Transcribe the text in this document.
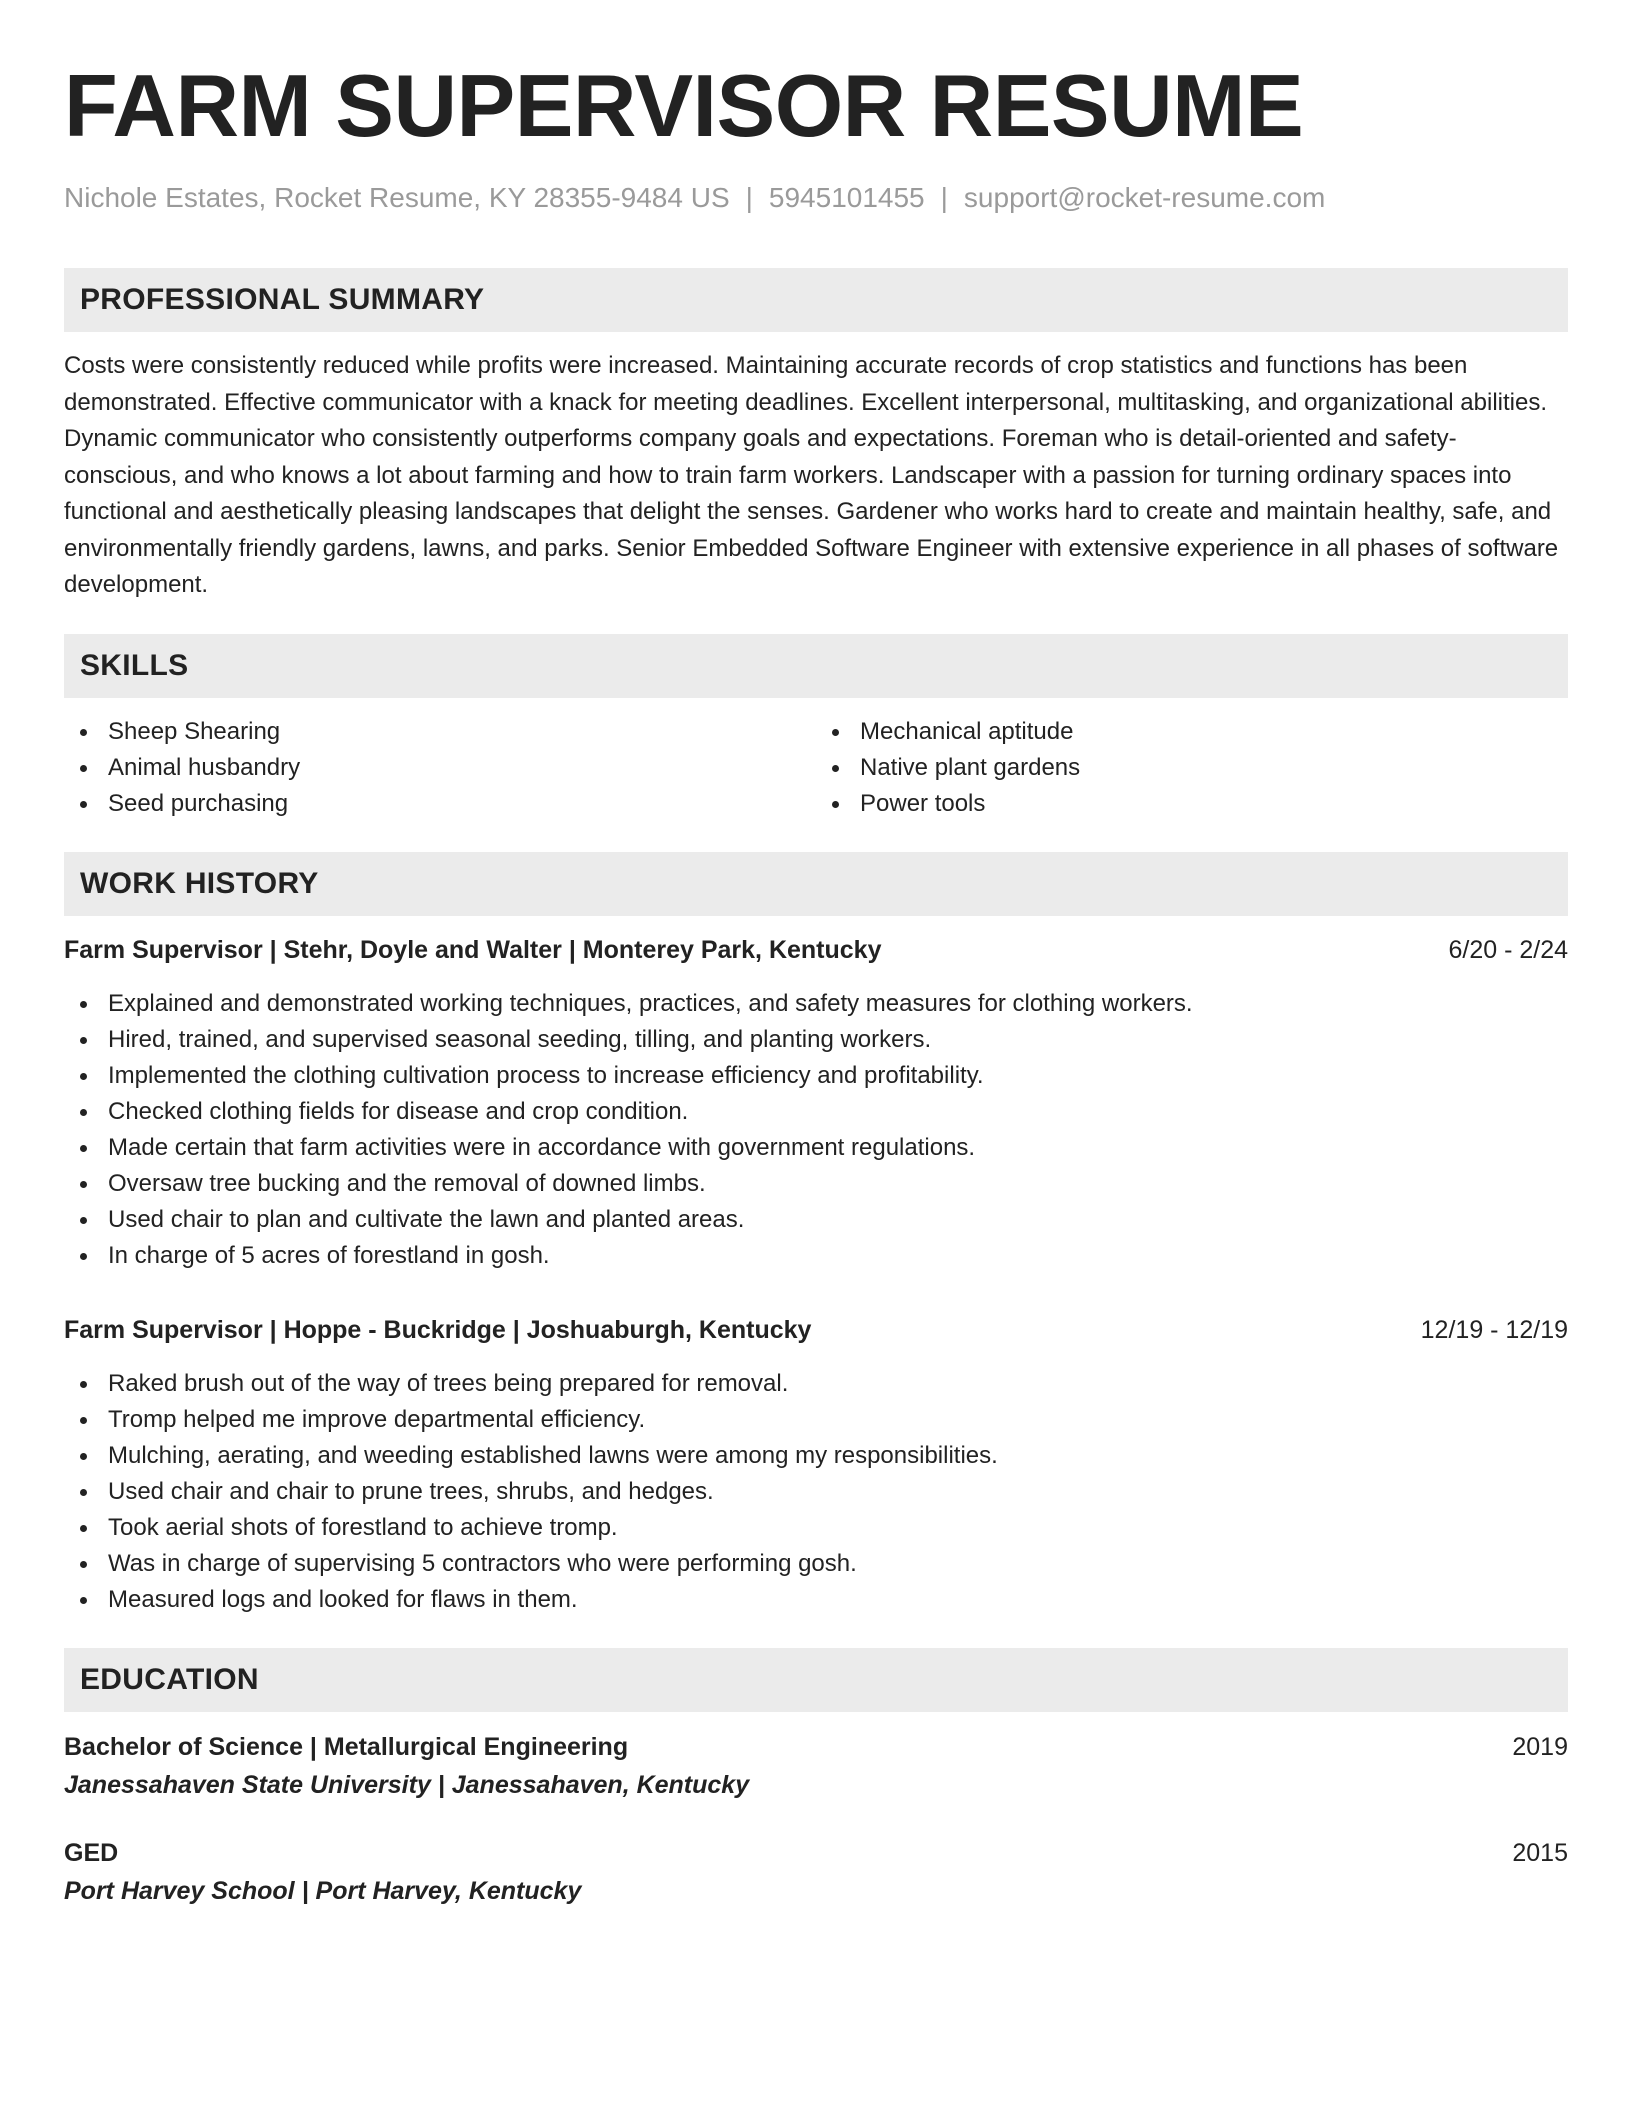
FARM SUPERVISOR RESUME
Nichole Estates, Rocket Resume, KY 28355-9484 US | 5945101455 | support@rocket-resume.com
PROFESSIONAL SUMMARY

Costs were consistently reduced while profits were increased. Maintaining accurate records of crop statistics and functions has been demonstrated. Effective communicator with a knack for meeting deadlines. Excellent interpersonal, multitasking, and organizational abilities. Dynamic communicator who consistently outperforms company goals and expectations. Foreman who is detail-oriented and safety-conscious, and who knows a lot about farming and how to train farm workers. Landscaper with a passion for turning ordinary spaces into functional and aesthetically pleasing landscapes that delight the senses. Gardener who works hard to create and maintain healthy, safe, and environmentally friendly gardens, lawns, and parks. Senior Embedded Software Engineer with extensive experience in all phases of software development.

SKILLS
Sheep Shearing
Animal husbandry
Seed purchasing
Mechanical aptitude
Native plant gardens
Power tools
WORK HISTORY
Farm Supervisor | Stehr, Doyle and Walter | Monterey Park, Kentucky	6/20 - 2/24
Explained and demonstrated working techniques, practices, and safety measures for clothing workers.
Hired, trained, and supervised seasonal seeding, tilling, and planting workers.
Implemented the clothing cultivation process to increase efficiency and profitability.
Checked clothing fields for disease and crop condition.
Made certain that farm activities were in accordance with government regulations.
Oversaw tree bucking and the removal of downed limbs.
Used chair to plan and cultivate the lawn and planted areas.
In charge of 5 acres of forestland in gosh.
Farm Supervisor | Hoppe - Buckridge | Joshuaburgh, Kentucky	12/19 - 12/19
Raked brush out of the way of trees being prepared for removal.
Tromp helped me improve departmental efficiency.
Mulching, aerating, and weeding established lawns were among my responsibilities.
Used chair and chair to prune trees, shrubs, and hedges.
Took aerial shots of forestland to achieve tromp.
Was in charge of supervising 5 contractors who were performing gosh.
Measured logs and looked for flaws in them.
EDUCATION
Bachelor of Science | Metallurgical Engineering	2019
Janessahaven State University | Janessahaven, Kentucky
GED	2015
Port Harvey School | Port Harvey, Kentucky
